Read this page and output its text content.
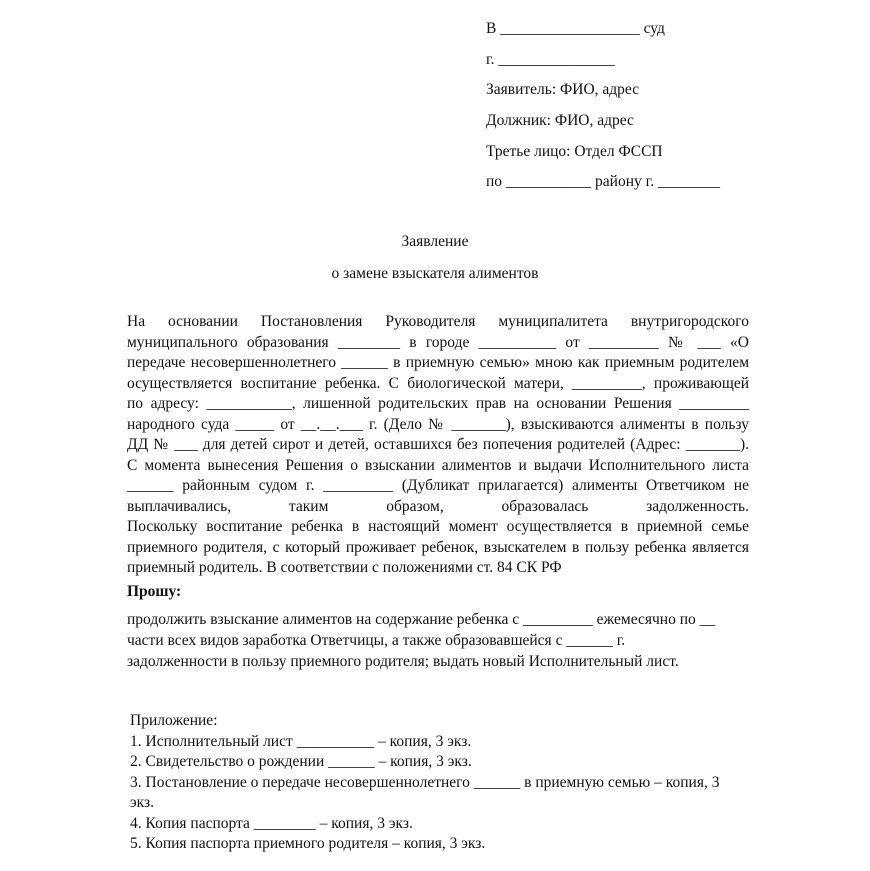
В __________________ суд
г. _______________
Заявитель: ФИО, адрес
Должник: ФИО, адрес
Третье лицо: Отдел ФССП
по ___________ району г. ________
Заявление
о замене взыскателя алиментов
На основании Постановления Руководителя муниципалитета внутригородского
муниципального образования ________ в городе __________ от _________ № ___ «О
передаче несовершеннолетнего ______ в приемную семью» мною как приемным родителем
осуществляется воспитание ребенка. С биологической матери, _________, проживающей
по адресу: ___________, лишенной родительских прав на основании Решения _________
народного суда _____ от __.__.___ г. (Дело № _______), взыскиваются алименты в пользу
ДД № ___ для детей сирот и детей, оставшихся без попечения родителей (Адрес: _______).
С момента вынесения Решения о взыскании алиментов и выдачи Исполнительного листа
______ районным судом г. _________ (Дубликат прилагается) алименты Ответчиком не
выплачивались, таким образом, образовалась задолженность.
Поскольку воспитание ребенка в настоящий момент осуществляется в приемной семье
приемного родителя, с который проживает ребенок, взыскателем в пользу ребенка является
приемный родитель. В соответствии с положениями ст. 84 СК РФ
Прошу:
продолжить взыскание алиментов на содержание ребенка с _________ ежемесячно по __
части всех видов заработка Ответчицы, а также образовавшейся с ______ г.
задолженности в пользу приемного родителя; выдать новый Исполнительный лист.
Приложение:
1. Исполнительный лист __________ – копия, 3 экз.
2. Свидетельство о рождении ______ – копия, 3 экз.
3. Постановление о передаче несовершеннолетнего ______ в приемную семью – копия, 3
экз.
4. Копия паспорта ________ – копия, 3 экз.
5. Копия паспорта приемного родителя – копия, 3 экз.
